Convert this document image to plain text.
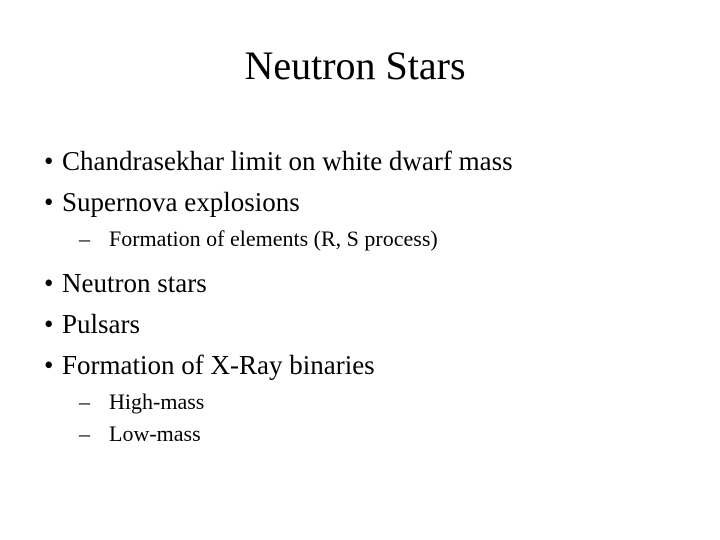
Neutron Stars
• Chandrasekhar limit on white dwarf mass
• Supernova explosions
– Formation of elements (R, S process)
• Neutron stars
• Pulsars
• Formation of X-Ray binaries
– High-mass
– Low-mass
